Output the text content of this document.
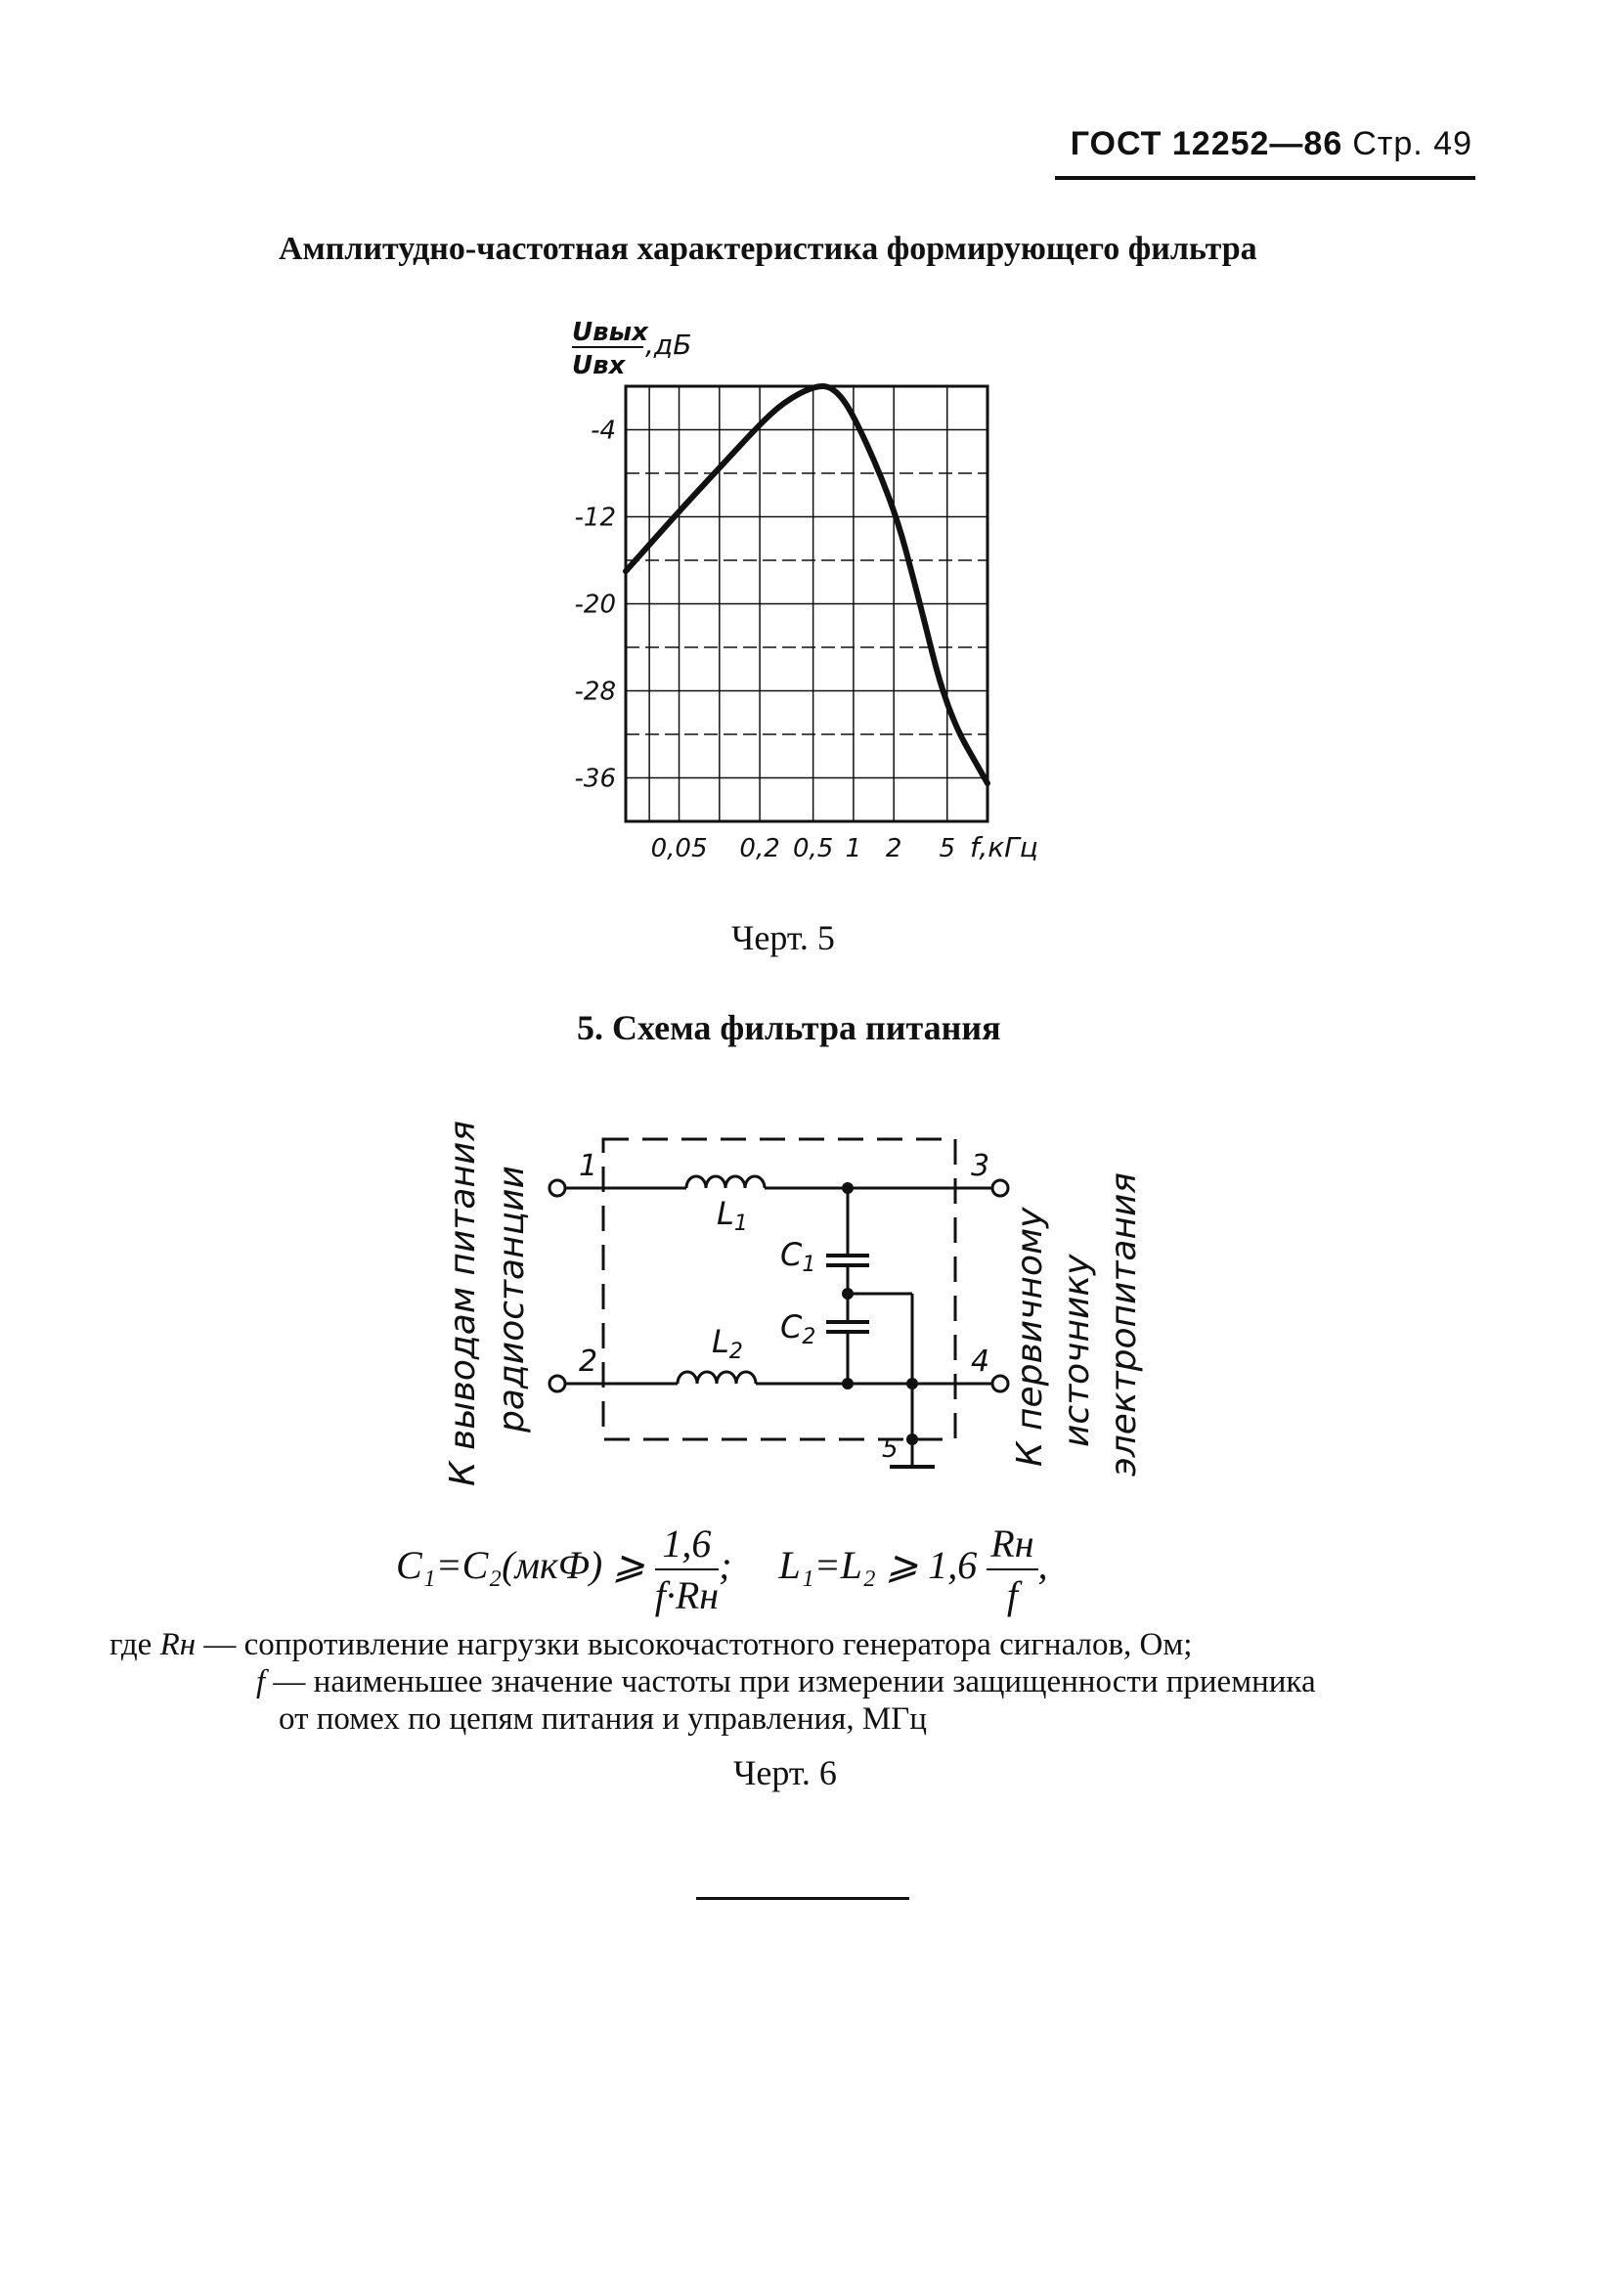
ГОСТ 12252—86 Стр. 49
Амплитудно-частотная характеристика формирующего фильтра
Uвых
Uвх
,дБ
-4
-12
-20
-28
-36
0,05 0,2 0,5 1 2 5 f,кГц
Черт. 5
5. Схема фильтра питания
К выводам питания радиостанции	К первичному источнику электропитания
1
2
3
4
5
L1
L2
C1
C2
C₁=C₂(мкФ) ⩾ $\frac{1,6}{f\cdot Rн}$ ; L₁=L₂ ⩾ $1,6 \frac{Rн}{f}$ ,
где Rн — сопротивление нагрузки высокочастотного генератора сигналов, Ом;
f — наименьшее значение частоты при измерении защищенности приемника
от помех по цепям питания и управления, МГц
Черт. 6
